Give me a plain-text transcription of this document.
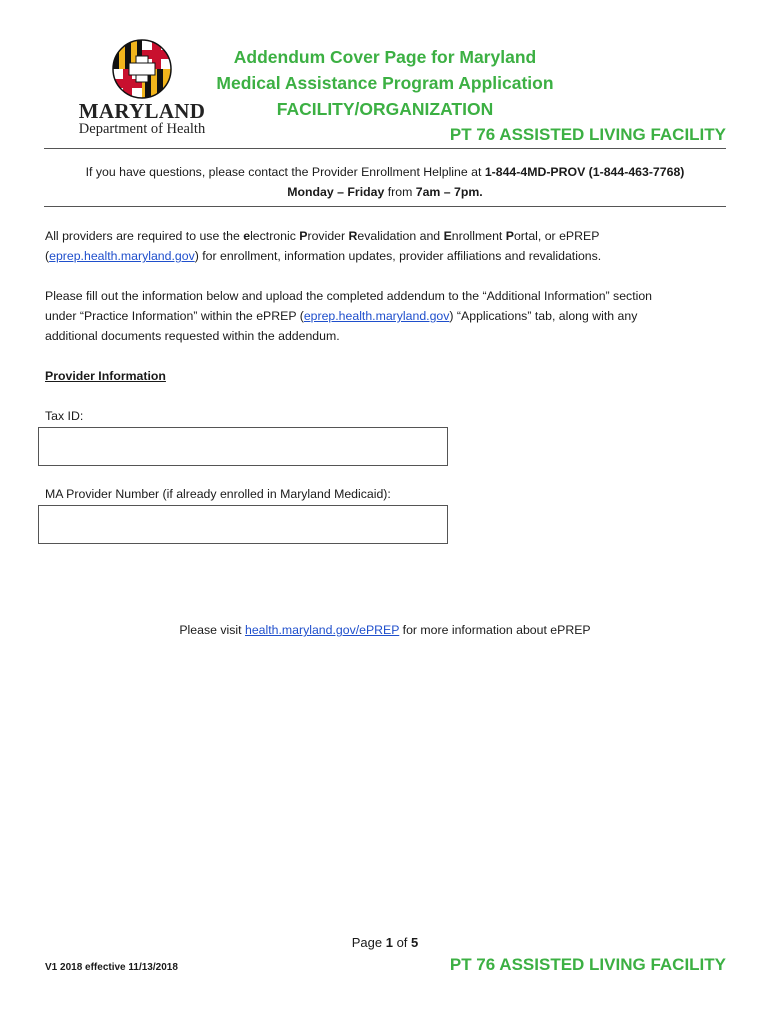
MARYLAND
Department of Health
Addendum Cover Page for Maryland
Medical Assistance Program Application
FACILITY/ORGANIZATION
PT 76 ASSISTED LIVING FACILITY
If you have questions, please contact the Provider Enrollment Helpline at 1-844-4MD-PROV (1-844-463-7768)
Monday – Friday from 7am – 7pm.
All providers are required to use the electronic Provider Revalidation and Enrollment Portal, or ePREP
(eprep.health.maryland.gov) for enrollment, information updates, provider affiliations and revalidations.
Please fill out the information below and upload the completed addendum to the “Additional Information” section
under “Practice Information” within the ePREP (eprep.health.maryland.gov) “Applications” tab, along with any
additional documents requested within the addendum.
Provider Information
Tax ID:
MA Provider Number (if already enrolled in Maryland Medicaid):
Please visit health.maryland.gov/ePREP for more information about ePREP
Page 1 of 5
V1 2018 effective 11/13/2018	PT 76 ASSISTED LIVING FACILITY
